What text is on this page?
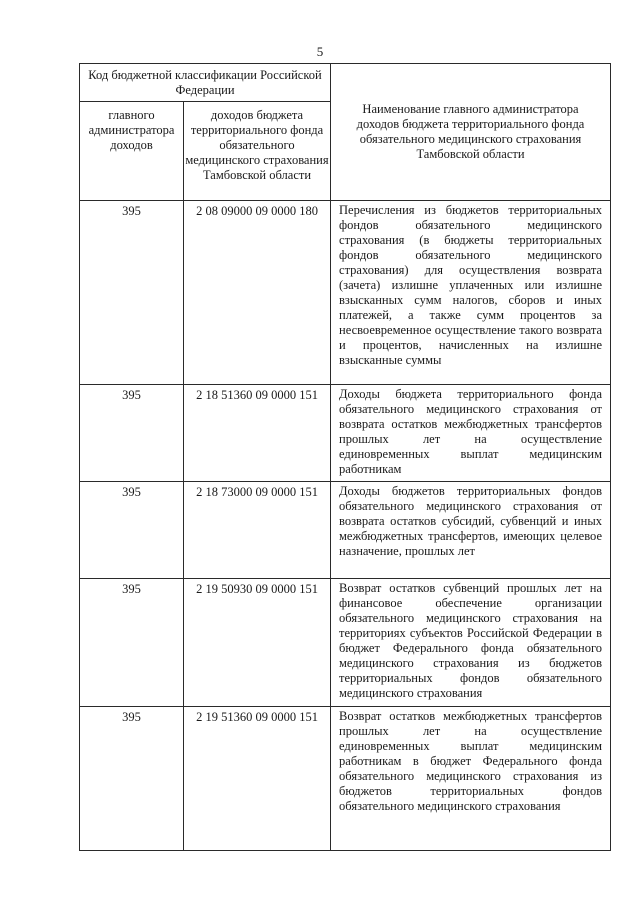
5
Код бюджетной классификации Российской Федерации		Наименование главного администратора доходов бюджета территориального фонда обязательного медицинского страхования Тамбовской области
главного администратора доходов	доходов бюджета территориального фонда обязательного медицинского страхования Тамбовской области	
395	2 08 09000 09 0000 180	Перечисления из бюджетов территориальных фондов обязательного медицинского страхования (в бюджеты территориальных фондов обязательного медицинского страхования) для осуществления возврата (зачета) излишне уплаченных или излишне взысканных сумм налогов, сборов и иных платежей, а также сумм процентов за несвоевременное осуществление такого возврата и процентов, начисленных на излишне взысканные суммы
395	2 18 51360 09 0000 151	Доходы бюджета территориального фонда обязательного медицинского страхования от возврата остатков межбюджетных трансфертов прошлых лет на осуществление единовременных выплат медицинским работникам
395	2 18 73000 09 0000 151	Доходы бюджетов территориальных фондов обязательного медицинского страхования от возврата остатков субсидий, субвенций и иных межбюджетных трансфертов, имеющих целевое назначение, прошлых лет
395	2 19 50930 09 0000 151	Возврат остатков субвенций прошлых лет на финансовое обеспечение организации обязательного медицинского страхования на территориях субъектов Российской Федерации в бюджет Федерального фонда обязательного медицинского страхования из бюджетов территориальных фондов обязательного медицинского страхования
395	2 19 51360 09 0000 151	Возврат остатков межбюджетных трансфертов прошлых лет на осуществление единовременных выплат медицинским работникам в бюджет Федерального фонда обязательного медицинского страхования из бюджетов территориальных фондов обязательного медицинского страхования
